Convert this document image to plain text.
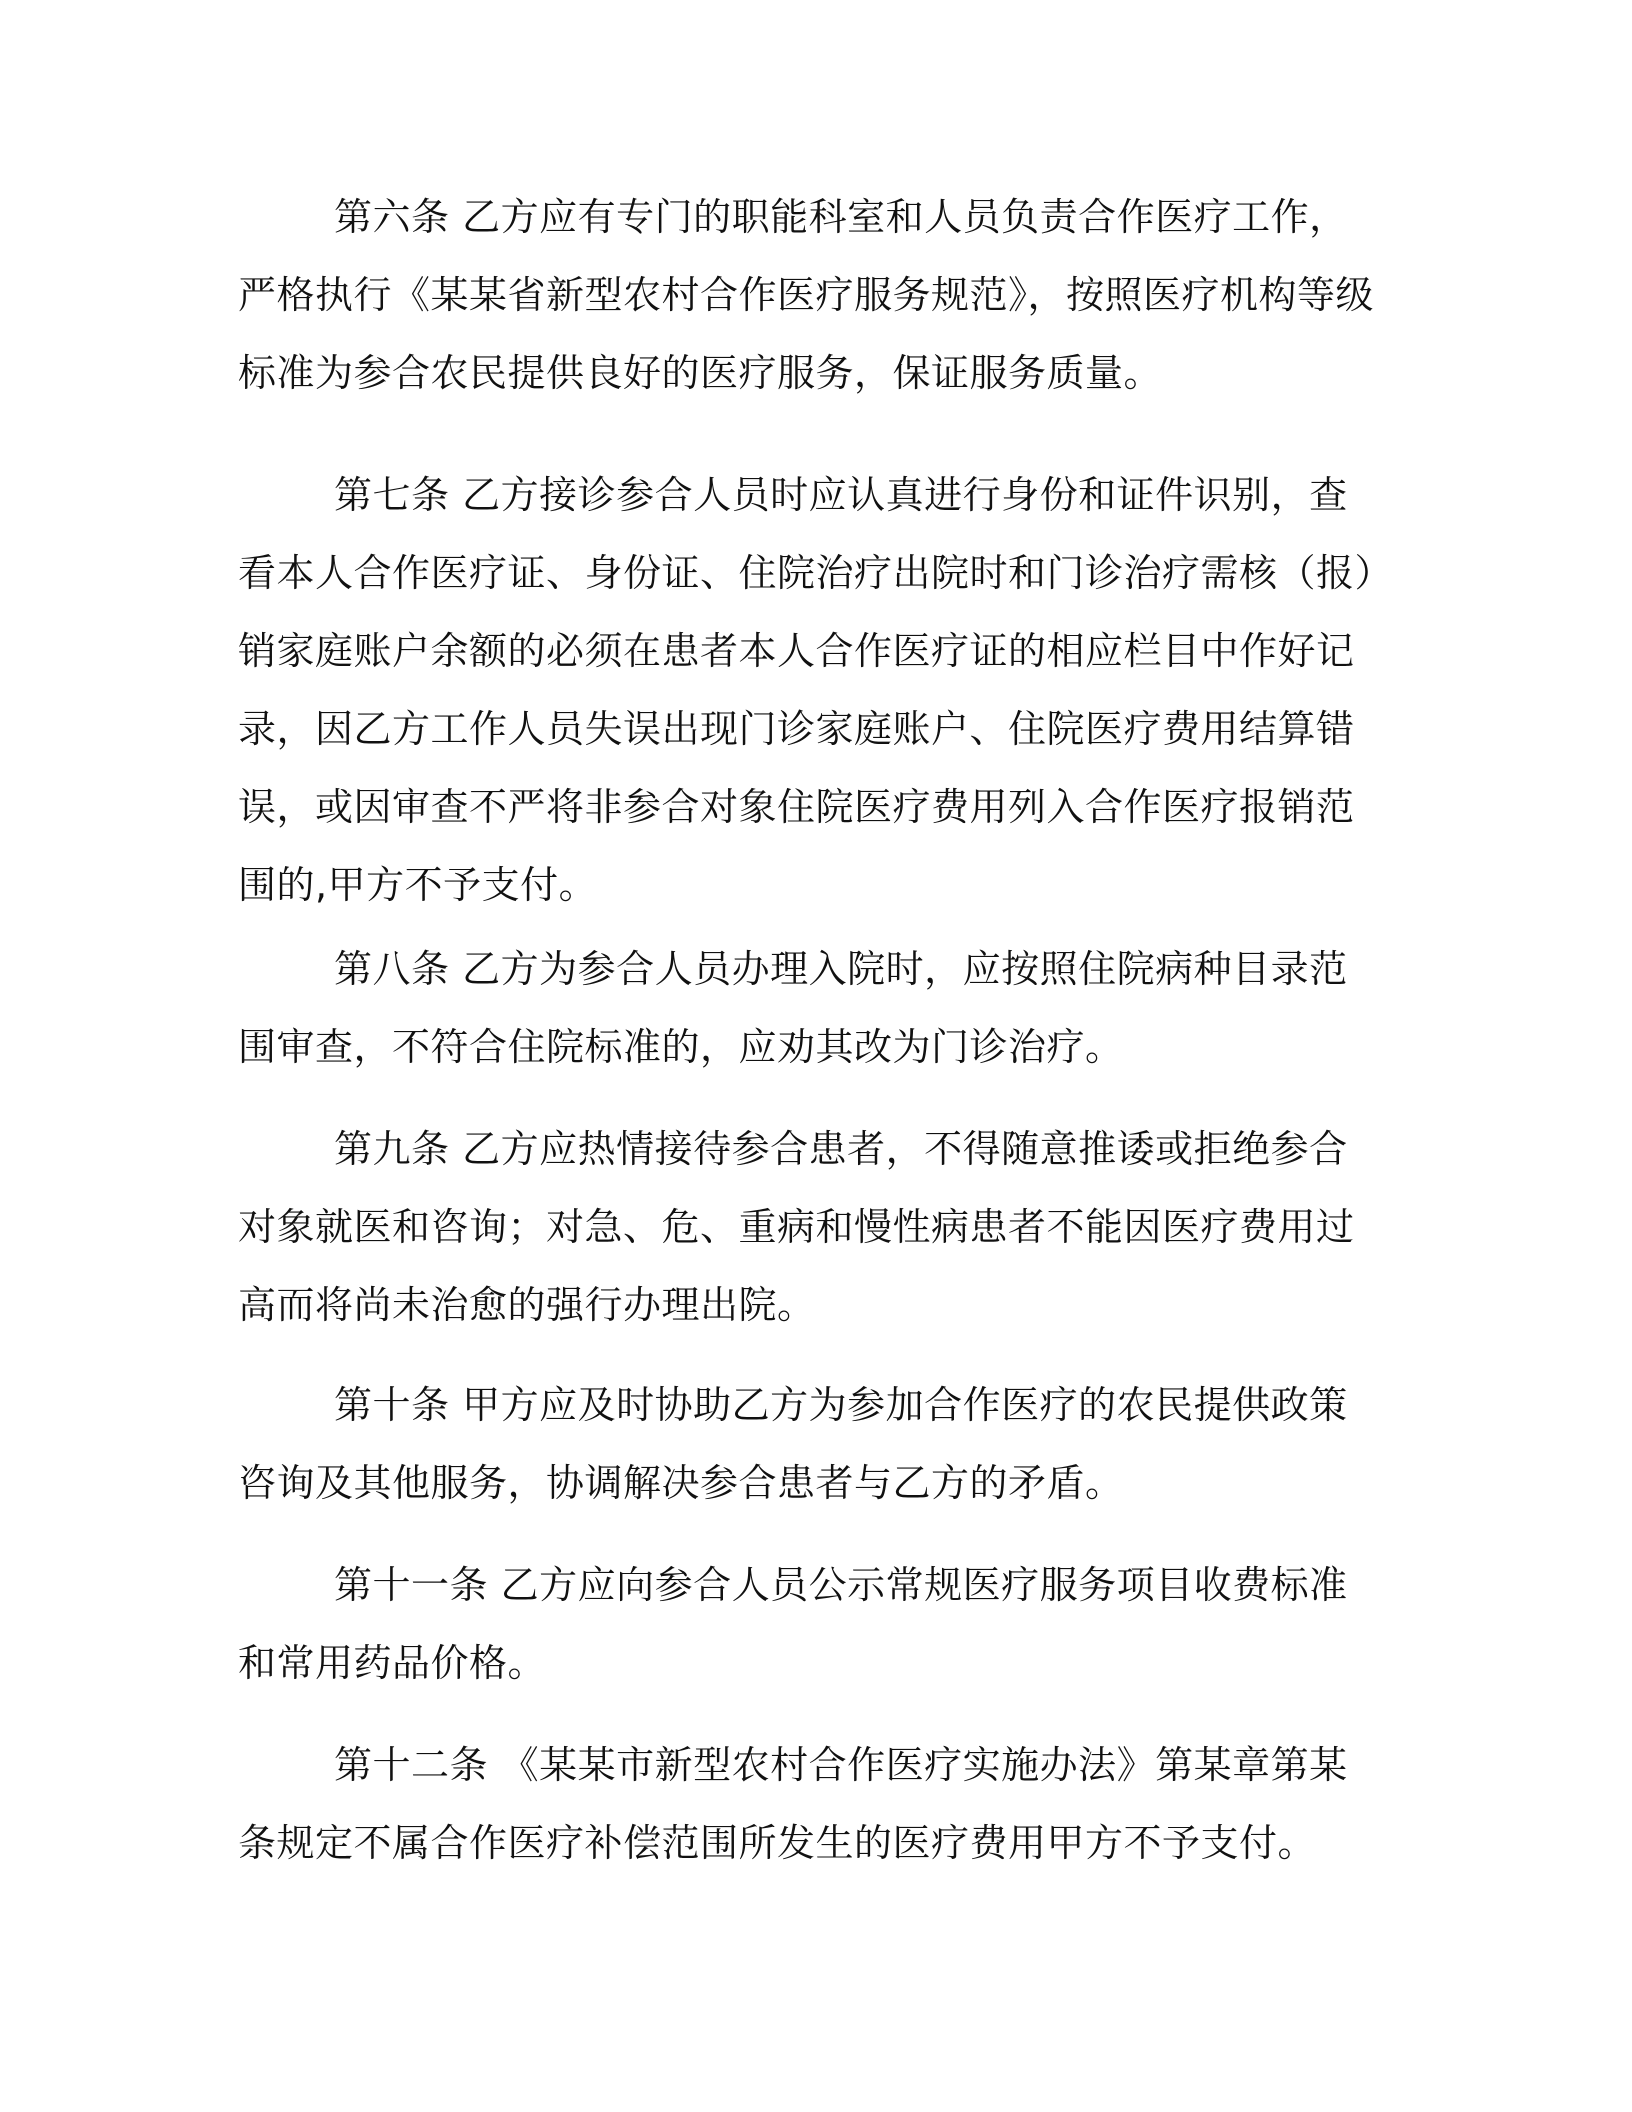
第六条 乙方应有专门的职能科室和人员负责合作医疗工作，严格执行《某某省新型农村合作医疗服务规范》，按照医疗机构等级标准为参合农民提供良好的医疗服务，保证服务质量。

第七条 乙方接诊参合人员时应认真进行身份和证件识别，查看本人合作医疗证、身份证、住院治疗出院时和门诊治疗需核（报）销家庭账户余额的必须在患者本人合作医疗证的相应栏目中作好记录，因乙方工作人员失误出现门诊家庭账户、住院医疗费用结算错误，或因审查不严将非参合对象住院医疗费用列入合作医疗报销范围的,甲方不予支付。

第八条 乙方为参合人员办理入院时，应按照住院病种目录范围审查，不符合住院标准的，应劝其改为门诊治疗。

第九条 乙方应热情接待参合患者，不得随意推诿或拒绝参合对象就医和咨询；对急、危、重病和慢性病患者不能因医疗费用过高而将尚未治愈的强行办理出院。

第十条 甲方应及时协助乙方为参加合作医疗的农民提供政策咨询及其他服务，协调解决参合患者与乙方的矛盾。

第十一条 乙方应向参合人员公示常规医疗服务项目收费标准和常用药品价格。

第十二条 《某某市新型农村合作医疗实施办法》第某章第某条规定不属合作医疗补偿范围所发生的医疗费用甲方不予支付。
